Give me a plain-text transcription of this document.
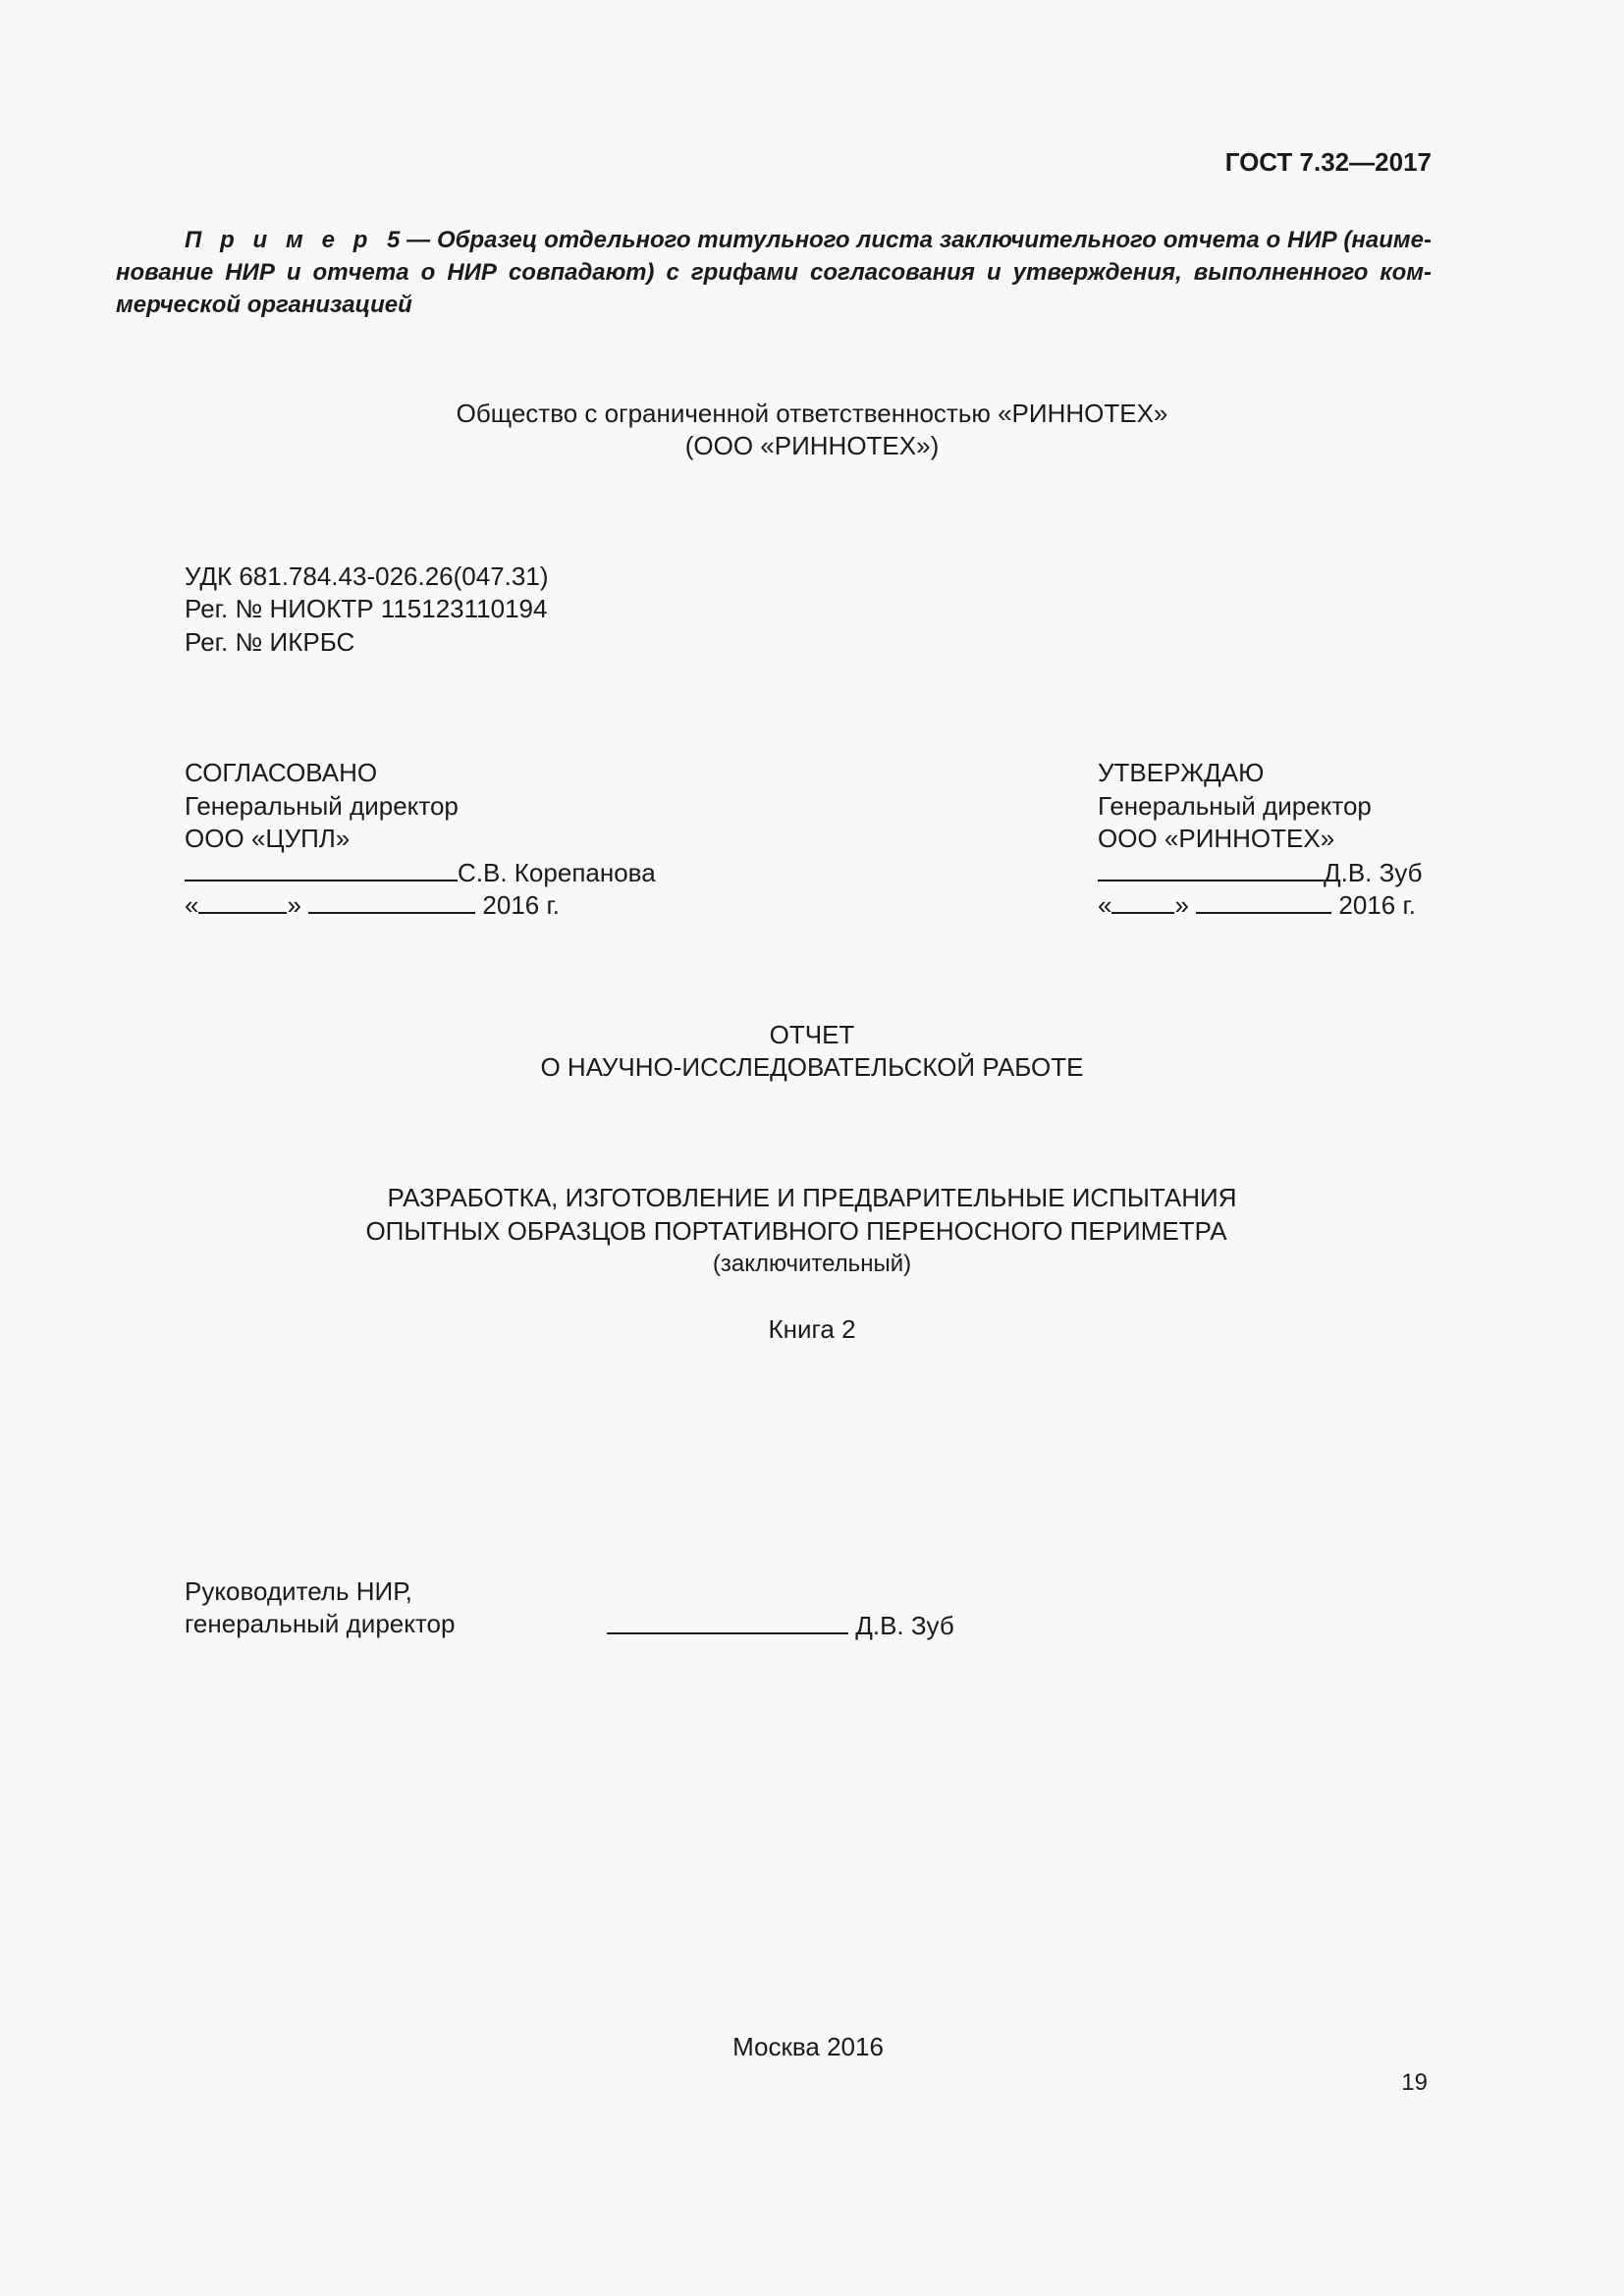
ГОСТ 7.32—2017
П р и м е р 5 — Образец отдельного титульного листа заключительного отчета о НИР (наиме-нование НИР и отчета о НИР совпадают) с грифами согласования и утверждения, выполненного ком-мерческой организацией
Общество с ограниченной ответственностью «РИННОТЕХ»
(ООО «РИННОТЕХ»)
УДК 681.784.43-026.26(047.31)
Рег. № НИОКТР 115123110194
Рег. № ИКРБС
СОГЛАСОВАНО
Генеральный директор
ООО «ЦУПЛ»
С.В. Корепанова
«	»	2016 г.
УТВЕРЖДАЮ
Генеральный директор
ООО «РИННОТЕХ»
Д.В. Зуб
« »	2016 г.
ОТЧЕТ
О НАУЧНО-ИССЛЕДОВАТЕЛЬСКОЙ РАБОТЕ
РАЗРАБОТКА, ИЗГОТОВЛЕНИЕ И ПРЕДВАРИТЕЛЬНЫЕ ИСПЫТАНИЯ
ОПЫТНЫХ ОБРАЗЦОВ ПОРТАТИВНОГО ПЕРЕНОСНОГО ПЕРИМЕТРА
(заключительный)
Книга 2
Руководитель НИР,
генеральный директор	Д.В. Зуб
Москва 2016
19
